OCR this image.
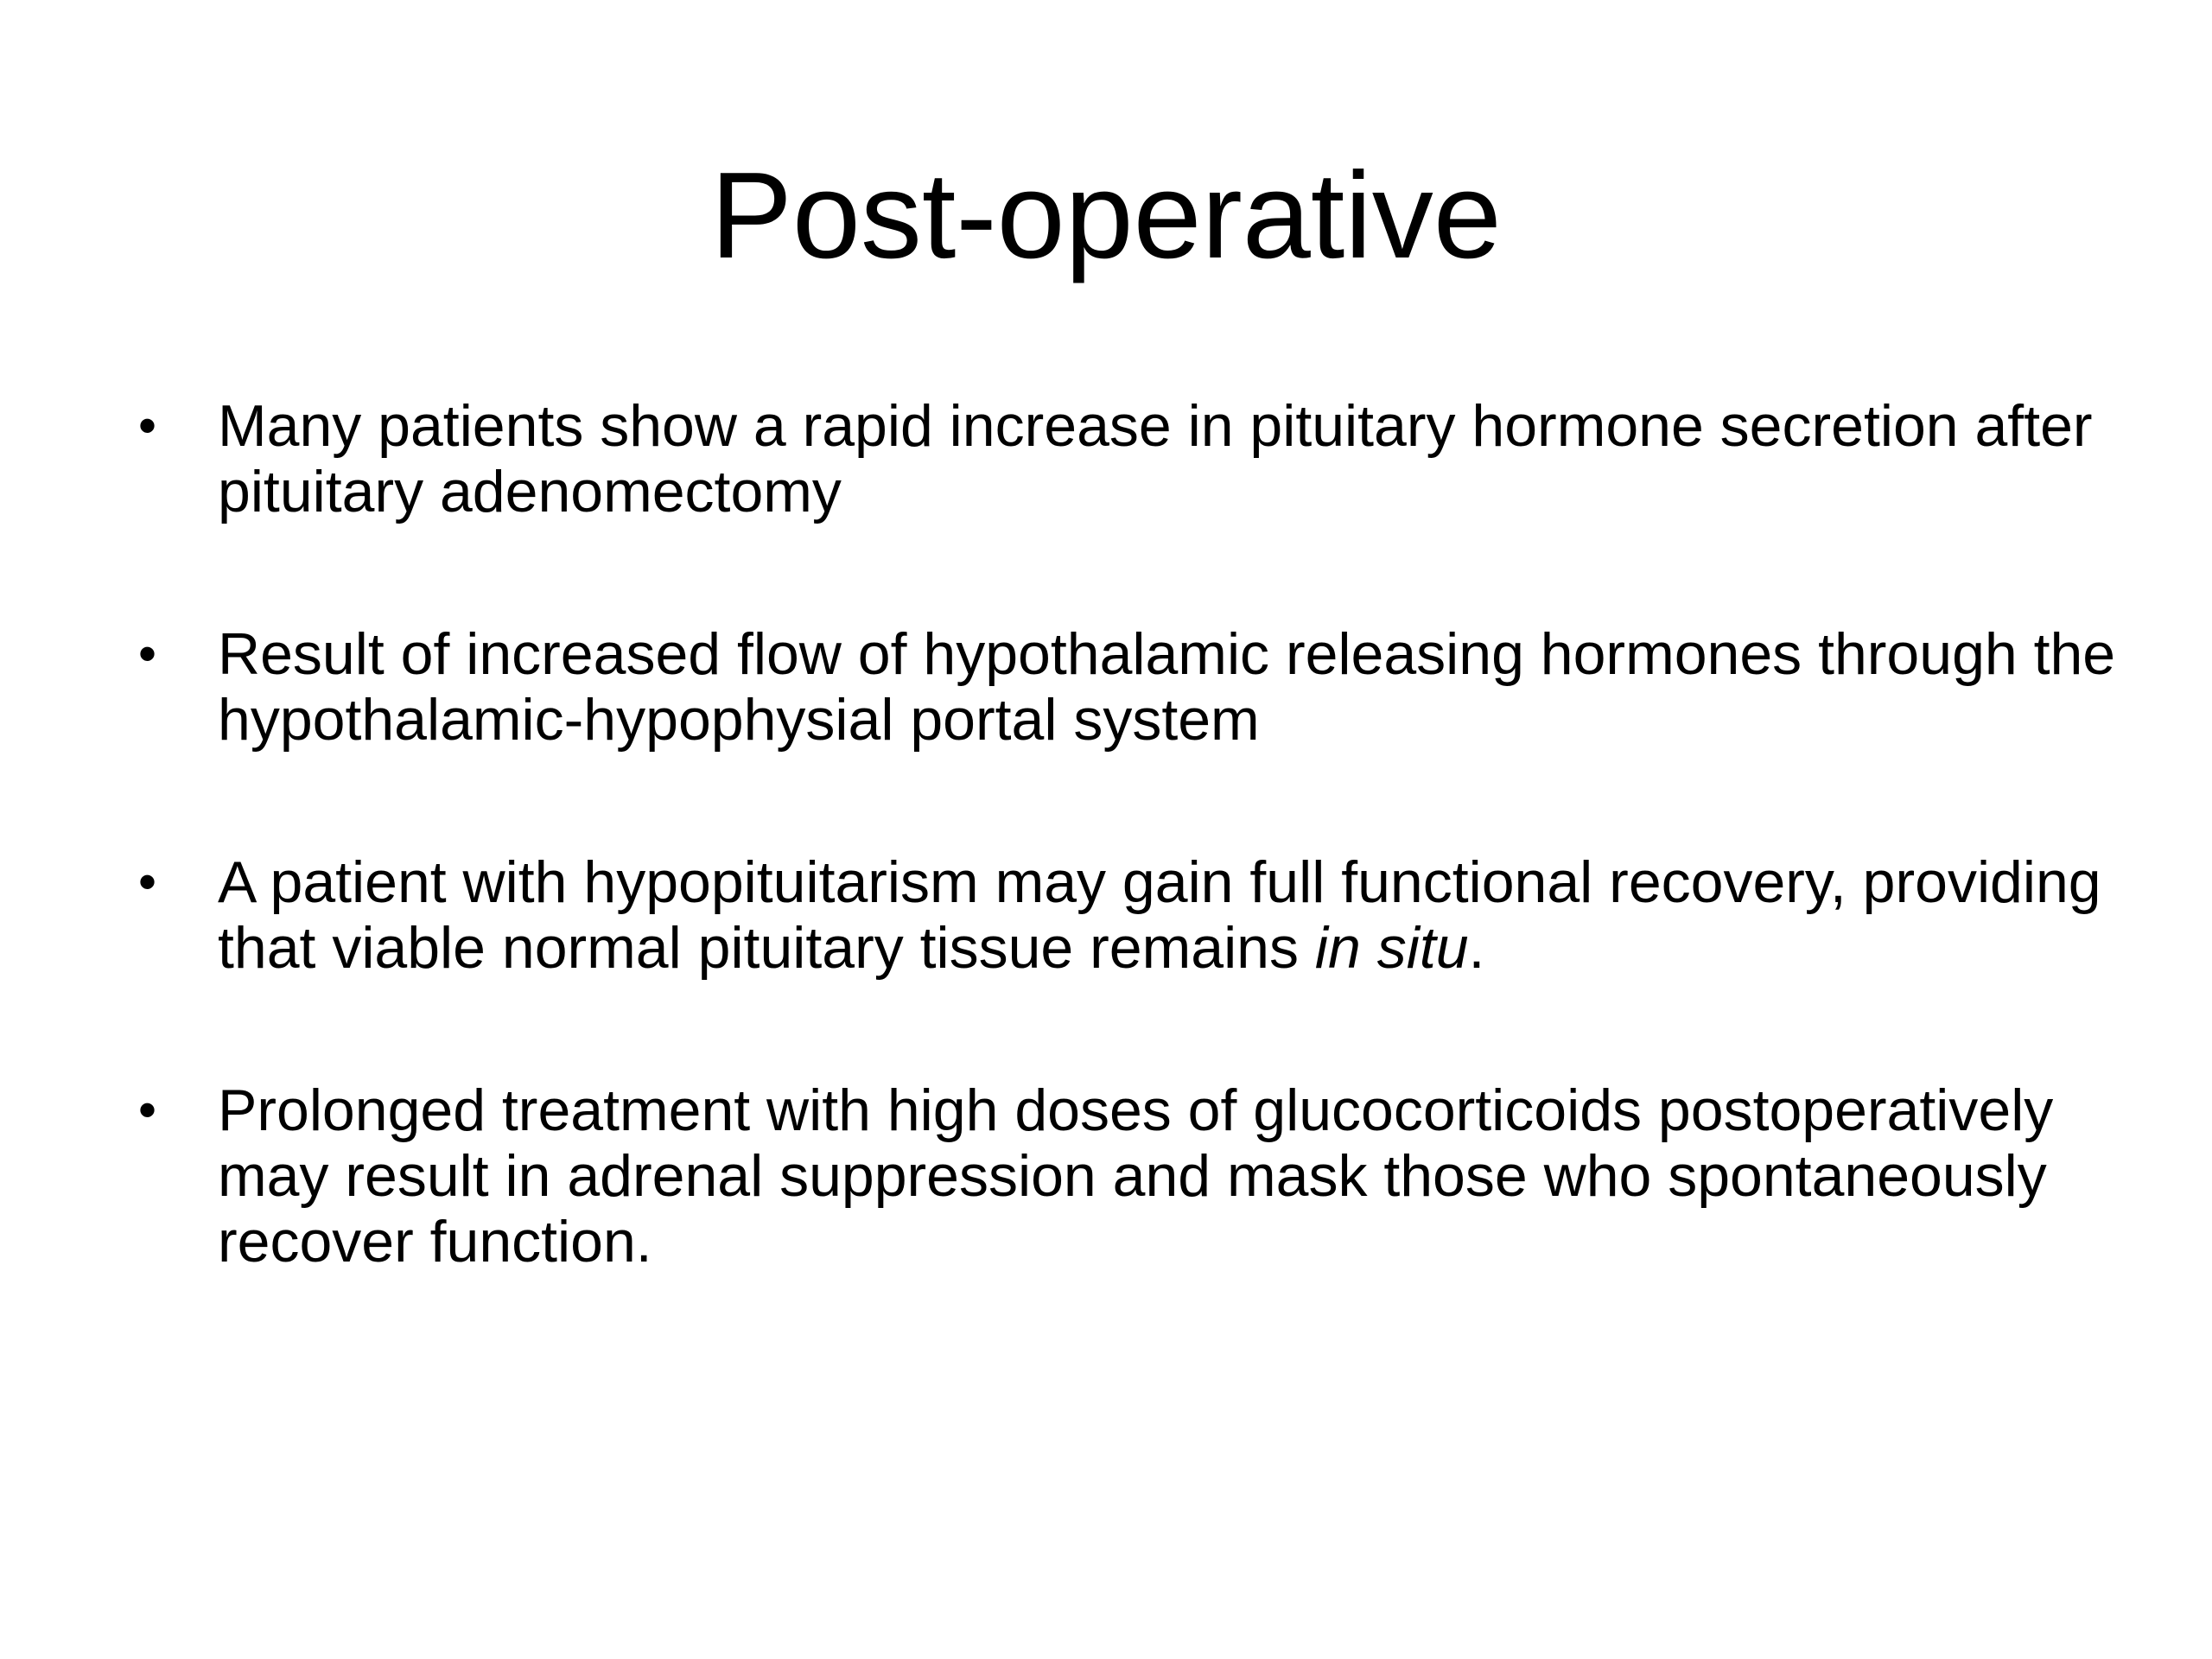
Post-operative
• Many patients show a rapid increase in pituitary hormone secretion after pituitary adenomectomy
• Result of increased flow of hypothalamic releasing hormones through the hypothalamic-hypophysial portal system
• A patient with hypopituitarism may gain full functional recovery, providing that viable normal pituitary tissue remains in situ.
• Prolonged treatment with high doses of glucocorticoids postoperatively may result in adrenal suppression and mask those who spontaneously recover function.
